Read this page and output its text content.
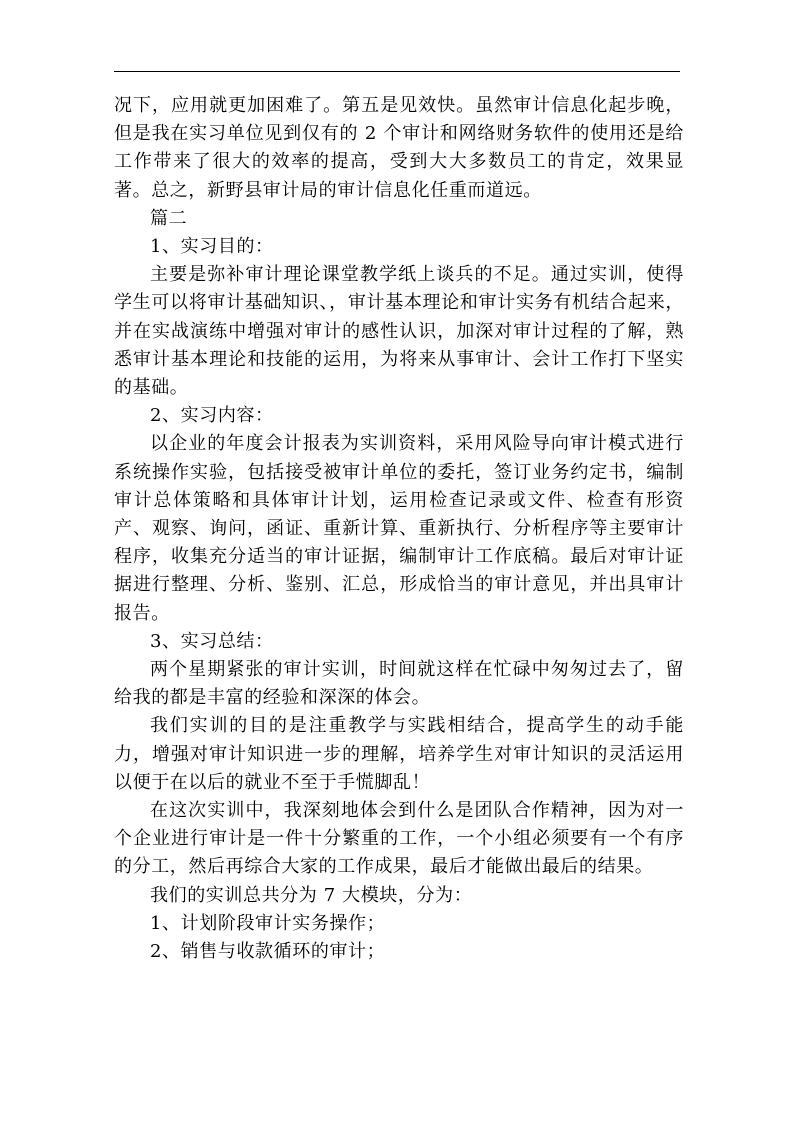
况下，应用就更加困难了。第五是见效快。虽然审计信息化起步晚，但是我在实习单位见到仅有的 2 个审计和网络财务软件的使用还是给工作带来了很大的效率的提高，受到大大多数员工的肯定，效果显著。总之，新野县审计局的审计信息化任重而道远。

篇二

1、实习目的：

主要是弥补审计理论课堂教学纸上谈兵的不足。通过实训，使得学生可以将审计基础知识、，审计基本理论和审计实务有机结合起来，并在实战演练中增强对审计的感性认识，加深对审计过程的了解，熟悉审计基本理论和技能的运用，为将来从事审计、会计工作打下坚实的基础。

2、实习内容：

以企业的年度会计报表为实训资料，采用风险导向审计模式进行系统操作实验，包括接受被审计单位的委托，签订业务约定书，编制审计总体策略和具体审计计划，运用检查记录或文件、检查有形资产、观察、询问，函证、重新计算、重新执行、分析程序等主要审计程序，收集充分适当的审计证据，编制审计工作底稿。最后对审计证据进行整理、分析、鉴别、汇总，形成恰当的审计意见，并出具审计报告。

3、实习总结：

两个星期紧张的审计实训，时间就这样在忙碌中匆匆过去了，留给我的都是丰富的经验和深深的体会。

我们实训的目的是注重教学与实践相结合，提高学生的动手能力，增强对审计知识进一步的理解，培养学生对审计知识的灵活运用以便于在以后的就业不至于手慌脚乱！

在这次实训中，我深刻地体会到什么是团队合作精神，因为对一个企业进行审计是一件十分繁重的工作，一个小组必须要有一个有序的分工，然后再综合大家的工作成果，最后才能做出最后的结果。

我们的实训总共分为 7 大模块，分为：

1、计划阶段审计实务操作；

2、销售与收款循环的审计；
